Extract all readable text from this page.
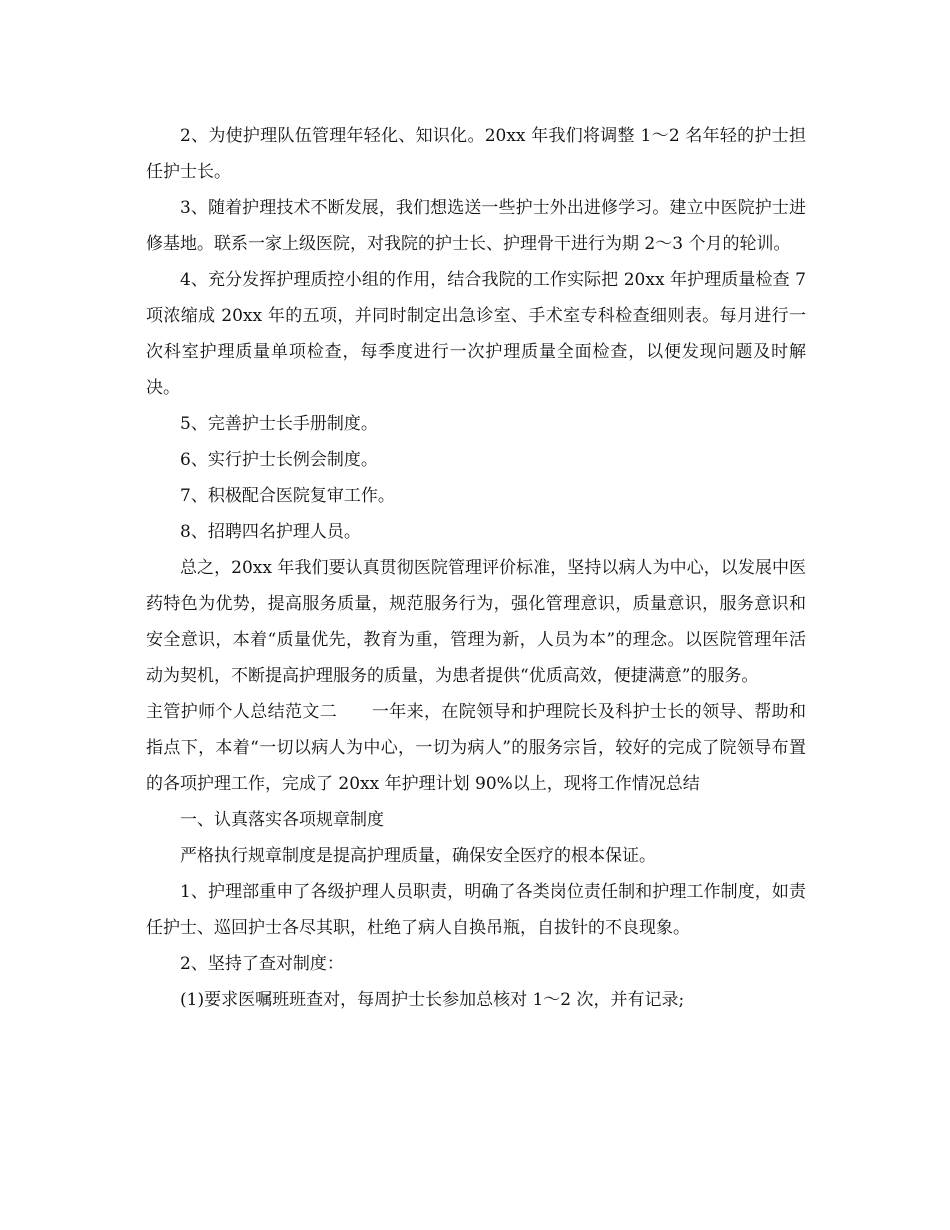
2、为使护理队伍管理年轻化、知识化。20xx 年我们将调整 1～2 名年轻的护士担任护士长。

3、随着护理技术不断发展，我们想选送一些护士外出进修学习。建立中医院护士进修基地。联系一家上级医院，对我院的护士长、护理骨干进行为期 2～3 个月的轮训。

4、充分发挥护理质控小组的作用，结合我院的工作实际把 20xx 年护理质量检查 7 项浓缩成 20xx 年的五项，并同时制定出急诊室、手术室专科检查细则表。每月进行一次科室护理质量单项检查，每季度进行一次护理质量全面检查，以便发现问题及时解决。

5、完善护士长手册制度。

6、实行护士长例会制度。

7、积极配合医院复审工作。

8、招聘四名护理人员。

总之，20xx 年我们要认真贯彻医院管理评价标准，坚持以病人为中心，以发展中医药特色为优势，提高服务质量，规范服务行为，强化管理意识，质量意识，服务意识和安全意识，本着“质量优先，教育为重，管理为新，人员为本”的理念。以医院管理年活动为契机，不断提高护理服务的质量，为患者提供“优质高效，便捷满意”的服务。

主管护师个人总结范文二　　一年来，在院领导和护理院长及科护士长的领导、帮助和指点下，本着“一切以病人为中心，一切为病人”的服务宗旨，较好的完成了院领导布置的各项护理工作，完成了 20xx 年护理计划 90%以上，现将工作情况总结

一、认真落实各项规章制度

严格执行规章制度是提高护理质量，确保安全医疗的根本保证。

1、护理部重申了各级护理人员职责，明确了各类岗位责任制和护理工作制度，如责任护士、巡回护士各尽其职，杜绝了病人自换吊瓶，自拔针的不良现象。

2、坚持了查对制度：

(1)要求医嘱班班查对，每周护士长参加总核对 1～2 次，并有记录;
